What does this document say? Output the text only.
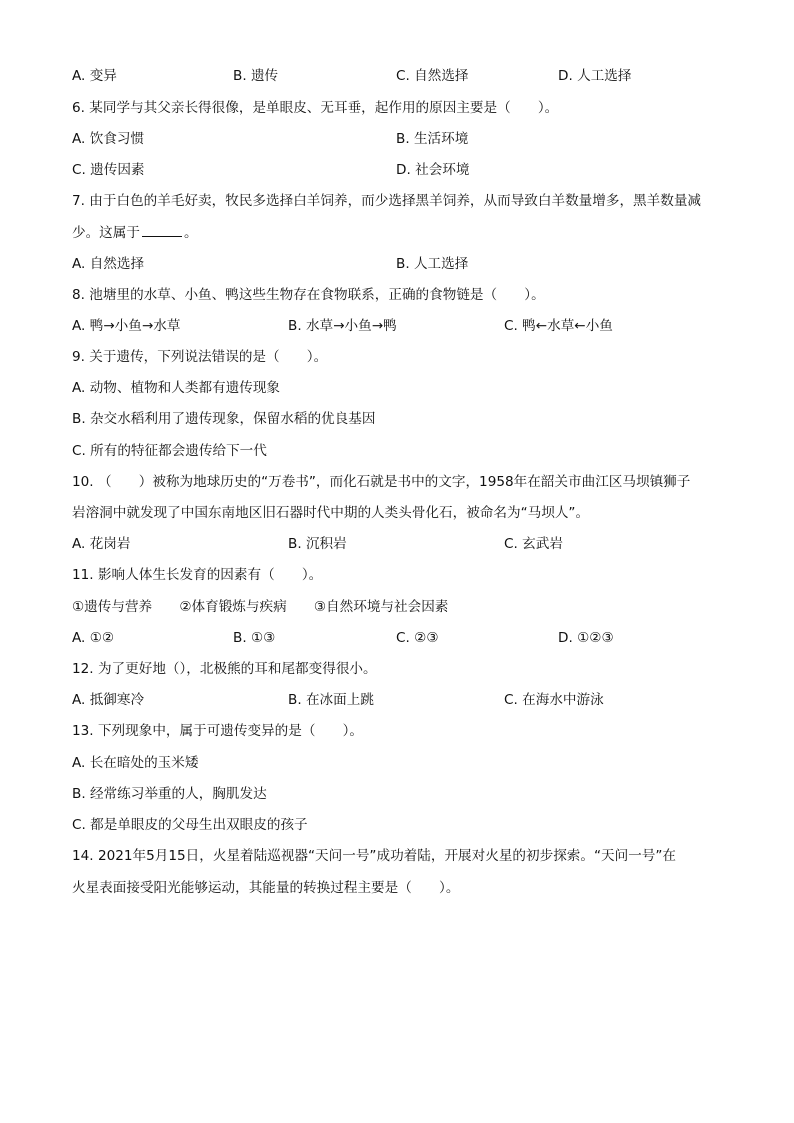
A. 变异	B. 遗传	C. 自然选择	D. 人工选择
6. 某同学与其父亲长得很像，是单眼皮、无耳垂，起作用的原因主要是（　　）。
A. 饮食习惯	B. 生活环境
C. 遗传因素	D. 社会环境
7. 由于白色的羊毛好卖，牧民多选择白羊饲养，而少选择黑羊饲养，从而导致白羊数量增多，黑羊数量减
少。这属于	。
A. 自然选择	B. 人工选择
8. 池塘里的水草、小鱼、鸭这些生物存在食物联系，正确的食物链是（　　）。
A. 鸭→小鱼→水草	B. 水草→小鱼→鸭	C. 鸭←水草←小鱼
9. 关于遗传，下列说法错误的是（　　）。
A. 动物、植物和人类都有遗传现象
B. 杂交水稻利用了遗传现象，保留水稻的优良基因
C. 所有的特征都会遗传给下一代
10. （　　）被称为地球历史的“万卷书”，而化石就是书中的文字，1958年在韶关市曲江区马坝镇狮子
岩溶洞中就发现了中国东南地区旧石器时代中期的人类头骨化石，被命名为“马坝人”。
A. 花岗岩	B. 沉积岩	C. 玄武岩
11. 影响人体生长发育的因素有（　　）。
①遗传与营养　　②体育锻炼与疾病　　③自然环境与社会因素
A. ①②	B. ①③	C. ②③	D. ①②③
12. 为了更好地（），北极熊的耳和尾都变得很小。
A. 抵御寒冷	B. 在冰面上跳	C. 在海水中游泳
13. 下列现象中，属于可遗传变异的是（　　）。
A. 长在暗处的玉米矮
B. 经常练习举重的人，胸肌发达
C. 都是单眼皮的父母生出双眼皮的孩子
14. 2021年5月15日，火星着陆巡视器“天问一号”成功着陆，开展对火星的初步探索。“天问一号”在
火星表面接受阳光能够运动，其能量的转换过程主要是（　　）。
